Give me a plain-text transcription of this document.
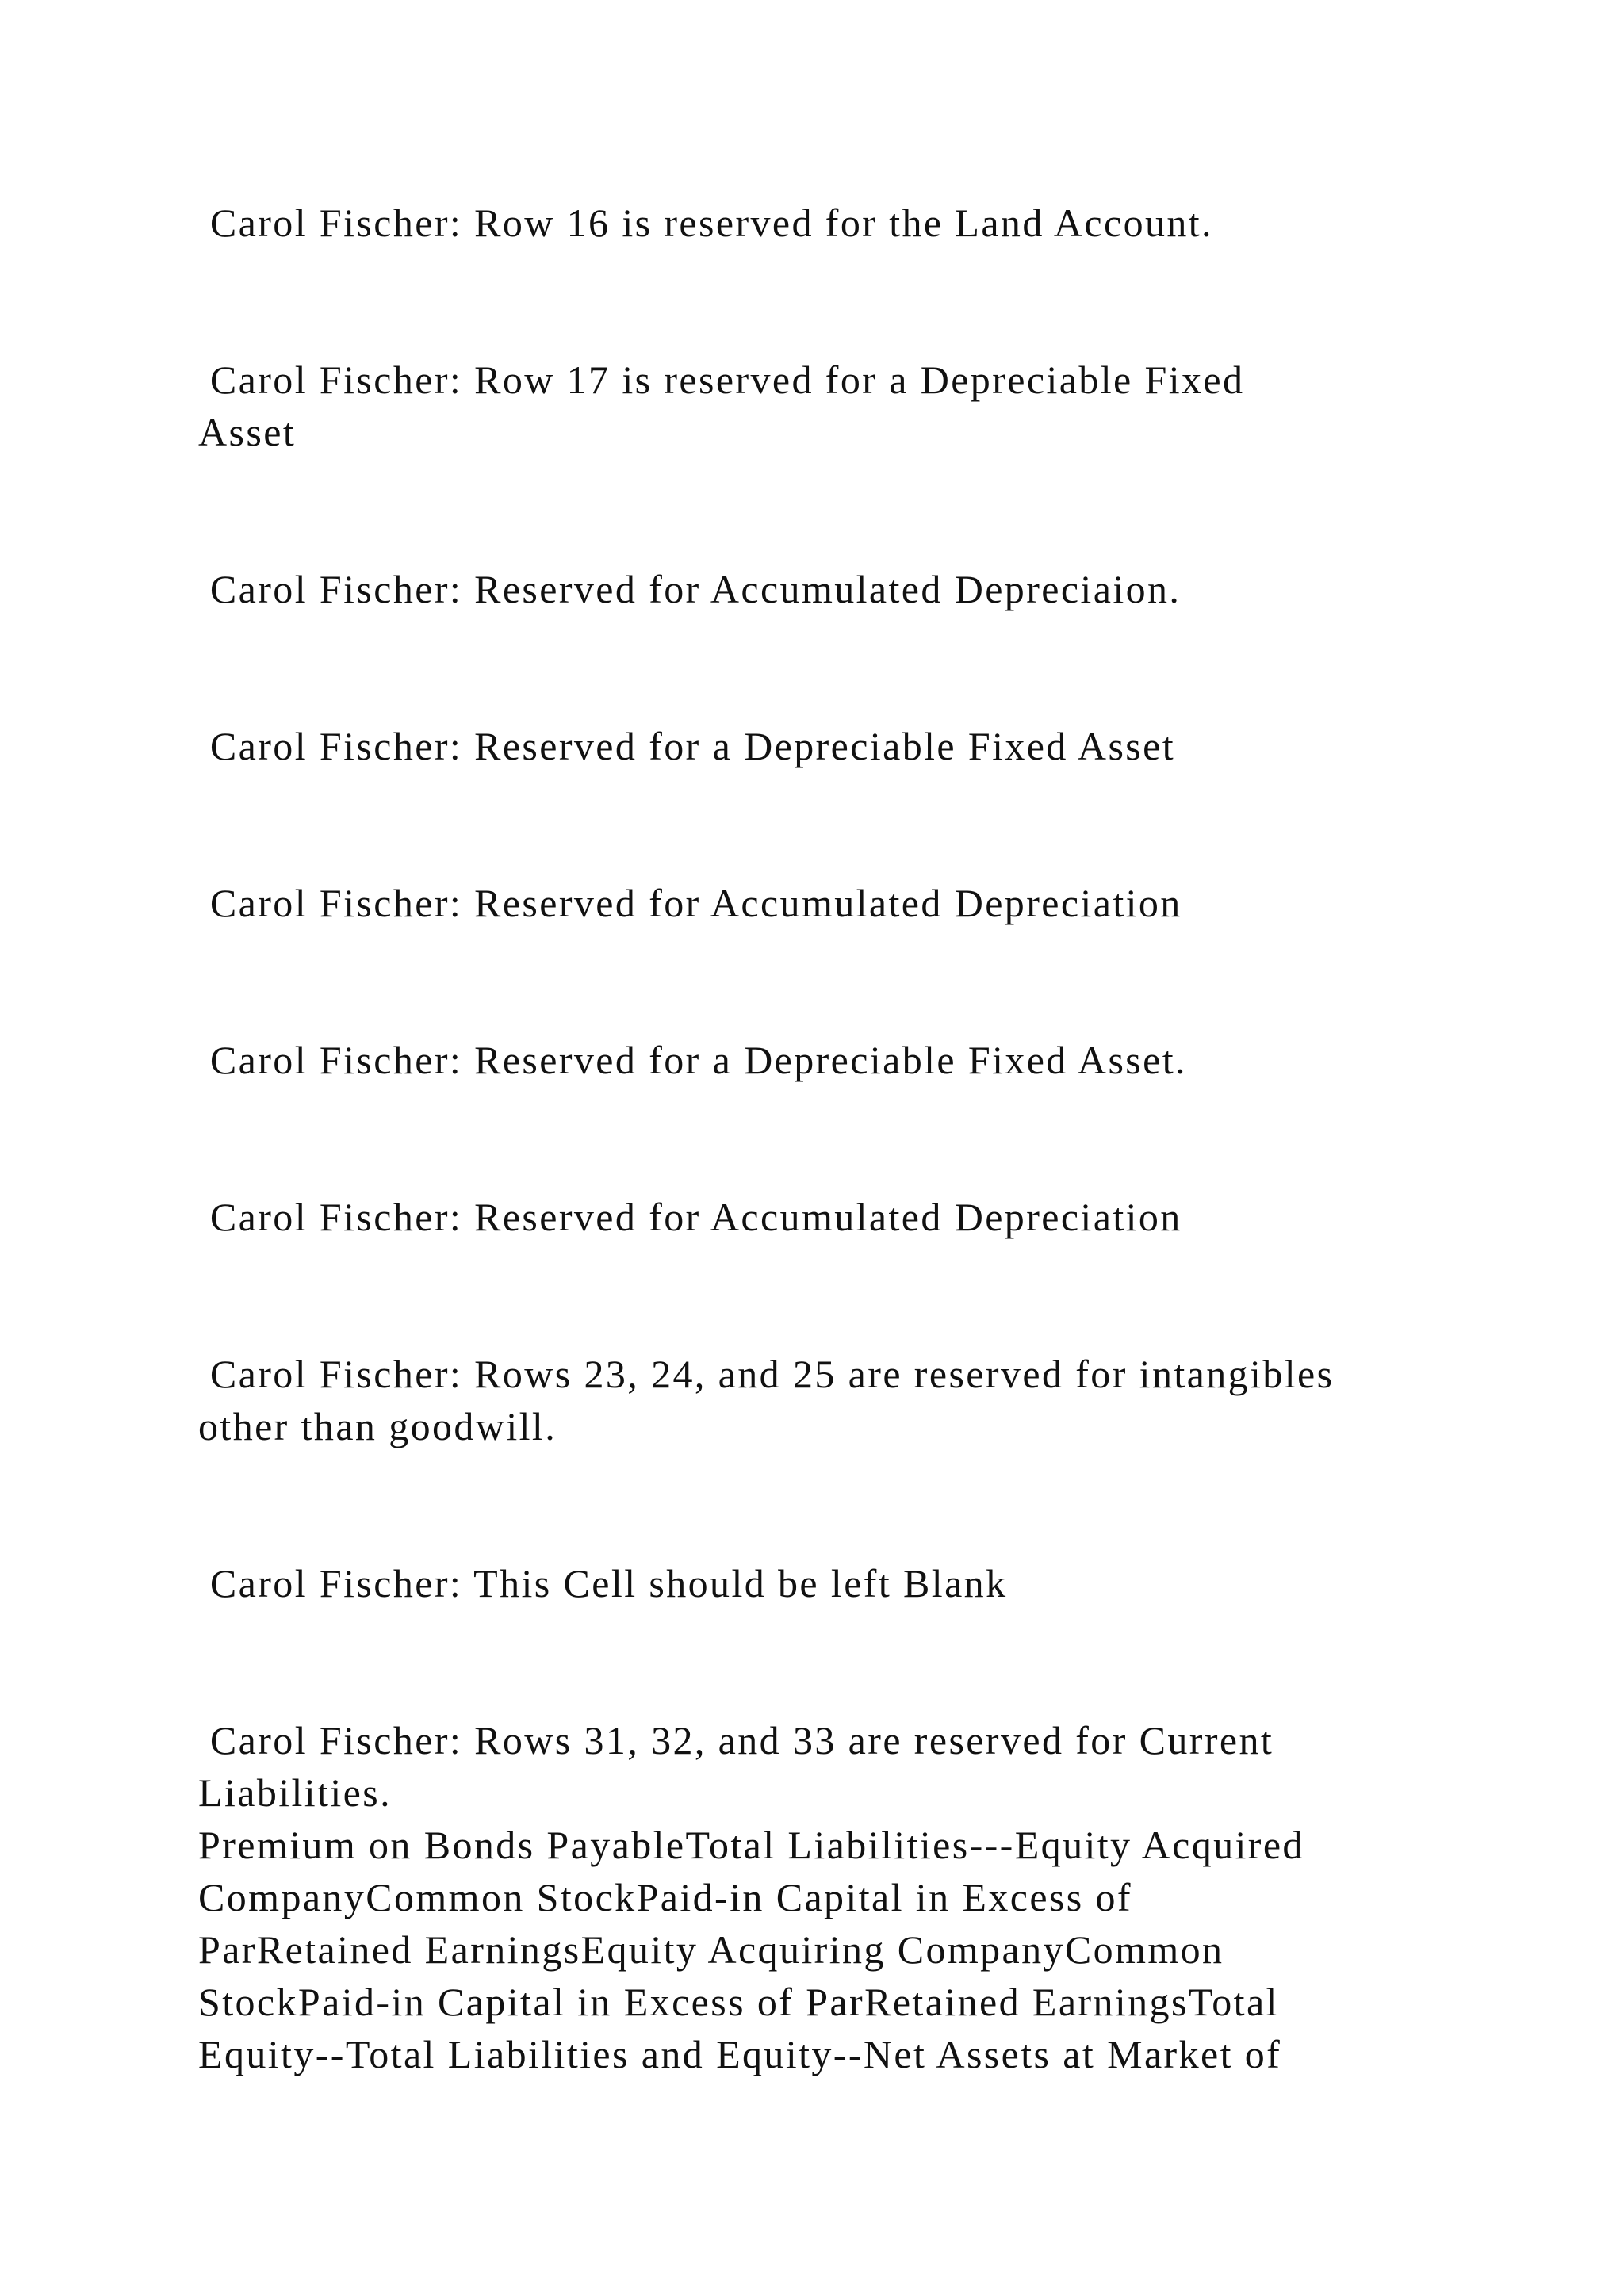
Carol Fischer: Row 16 is reserved for the Land Account.

Carol Fischer: Row 17 is reserved for a Depreciable Fixed

Asset

Carol Fischer: Reserved for Accumulated Depreciaion.

Carol Fischer: Reserved for a Depreciable Fixed Asset

Carol Fischer: Reserved for Accumulated Depreciation

Carol Fischer: Reserved for a Depreciable Fixed Asset.

Carol Fischer: Reserved for Accumulated Depreciation

Carol Fischer: Rows 23, 24, and 25 are reserved for intangibles

other than goodwill.

Carol Fischer: This Cell should be left Blank

Carol Fischer: Rows 31, 32, and 33 are reserved for Current

Liabilities.

Premium on Bonds PayableTotal Liabilities---Equity Acquired

CompanyCommon StockPaid-in Capital in Excess of

ParRetained EarningsEquity Acquiring CompanyCommon

StockPaid-in Capital in Excess of ParRetained EarningsTotal

Equity--Total Liabilities and Equity--Net Assets at Market of
